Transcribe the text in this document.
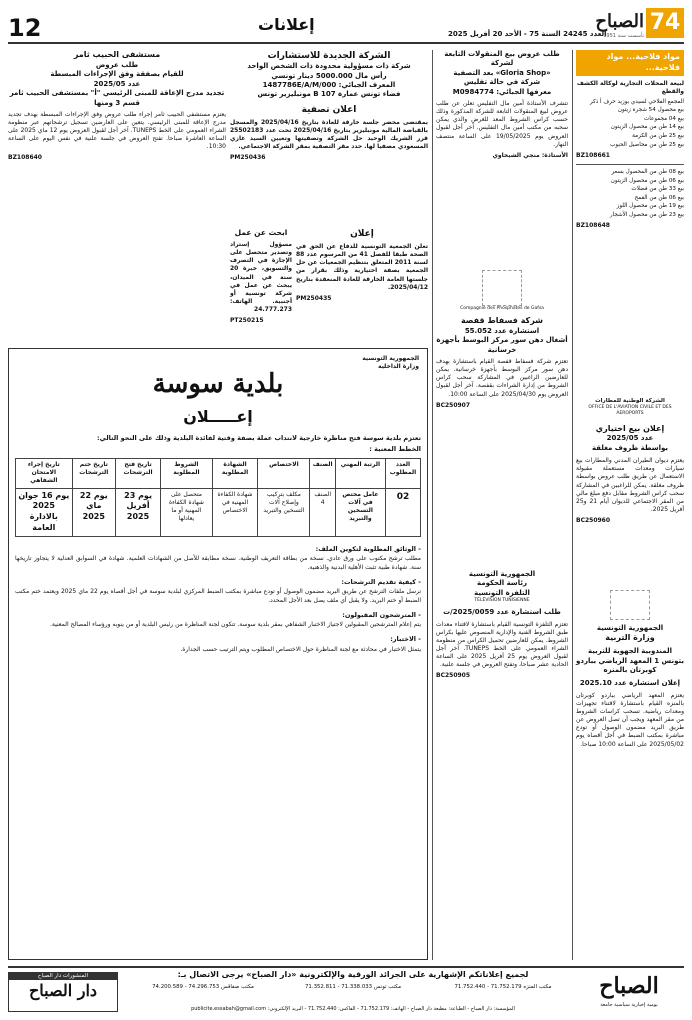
12	إعلانات	العدد 24245 السنة 75 - الأحد 20 أفريل 2025 74
الصباح
تأسست سنة 1951
مواد فلاحية... مواد فلاحية...
لبيعة المحلات التجارية لوكالة الكشف والقطع
المجمع الفلاحي لسيدي بوزيد حرف أ ذكر
بيع محصول 54 شجرة زيتون
بيع 04 مجموعات
بيع 14 طن من محصول الزيتون
بيع 25 طن من الكرمة
بيع 25 طن من محاصيل الحبوب
BZ108661
بيع 08 طن من المحصول بسعر
بيع 06 طن من محصول الزيتون
بيع 33 طن من فضلات
بيع 06 طن من القمح
بيع 19 طن من محصول اللوز
بيع 23 طن من محصول الأشجار
BZ108648
الشركة الوطنية للمطارات
OFFICE DE L'AVIATION CIVILE ET DES AEROPORTS
إعلان بيع اختياري
عدد 2025/05
بواسطة ظروف مغلقة
يعتزم ديوان الطيران المدني والمطارات بيع سيارات ومعدات مستعملة مقبولة الاستعمال عن طريق طلب عروض بواسطة ظروف مغلقة. يمكن للراغبين في المشاركة سحب كراس الشروط مقابل دفع مبلغ مالي من المقر الاجتماعي للديوان أيام 21 و25 أفريل 2025.
BC250960
الجمهورية التونسية
وزارة التربية
المندوبية الجهوية للتربية بتونس 1 المعهد الرياضي بباردو كوبرتان بالمنزه
إعلان استشارة عدد 2025.10
يعتزم المعهد الرياضي بباردو كوبرتان بالمنزه القيام باستشارة لاقتناء تجهيزات ومعدات رياضية. تسحب كراسات الشروط من مقر المعهد ويجب أن تصل العروض عن طريق البريد مضمون الوصول أو تودع مباشرة بمكتب الضبط في أجل أقصاه يوم 2025/05/02 على الساعة 10:00 صباحا.
طلب عروض بيع المنقولات التابعة لشركة
«Gloria Shop» بعد التصفية
شركة في حالة تفليس
معرفها الجبائي: M0984774
تتشرف الأستاذة أمين مال التفليس تعلن عن طلب عروض لبيع المنقولات التابعة للشركة المذكورة وذلك حسب كراس الشروط المعد للغرض والذي يمكن سحبه من مكتب أمين مال التفليس. آخر أجل لقبول العروض يوم 19/05/2025 على الساعة منتصف النهار.
الأستاذة: منجي الشيخاوي
Compagnie des Phosphates de Gafsa
شركة فسفاط قفصة
استشارة عدد 55.052
أشغال دهن سور مركز البوسط بأجهزة خرسانية
تعتزم شركة فسفاط قفصة القيام باستشارة بهدف دهن سور مركز البوسط بأجهزة خرسانية. يمكن للعارضين الراغبين في المشاركة سحب كراس الشروط من إدارة الشراءات بقفصة. آخر أجل لقبول العروض يوم 2025/04/30 على الساعة 10:00.
BC250907
الجمهورية التونسية
رئاسة الحكومة
التلفزة التونسية
TÉLÉVISION TUNISIENNE
طلب استشارة عدد 2025/0059/ت
تعتزم التلفزة التونسية القيام باستشارة لاقتناء معدات طبق الشروط الفنية والإدارية المنصوص عليها بكراس الشروط. يمكن للعارضين تحميل الكراس من منظومة الشراء العمومي على الخط TUNEPS. آخر أجل لقبول العروض يوم 25 أفريل 2025 على الساعة الحادية عشر صباحا، وتفتح العروض في جلسة علنية.
BC250905
الشركة الجديدة للاستشارات
شركة ذات مسؤولية محدودة ذات الشخص الواحد
رأس مال 5000.000 دينار تونسي
المعرف الجبائي: 1487786E/A/M/000
فضاء تونس عمارة B 107 مونبليزير تونس
اعلان تصفية
بمقتضى محضر جلسة خارقة للعادة بتاريخ 2025/04/16 والمسجل بالقباضة المالية مونبليزير بتاريخ 2025/04/16 تحت عدد 25502183 قرر الشريك الوحيد حل الشركة وتصفيتها وتعيين السيد غازي المسعودي مصفيا لها. حدد مقر التصفية بمقر الشركة الاجتماعي.
PM250436
إعلان
تعلن الجمعية التونسية للدفاع عن الحق في الصحة طبقا للفصل 41 من المرسوم عدد 88 لسنة 2011 المتعلق بتنظيم الجمعيات عن حل الجمعية بصفة اختيارية وذلك بقرار من جلستها العامة الخارقة للعادة المنعقدة بتاريخ 2025/04/12.
PM250435
ابحث عن عمل
مسؤول إستراد وتصدير متحصل على الإجازة في التصرف والتسويق، خبرة 20 سنة في الميدان، يبحث عن عمل في شركة تونسية أو أجنبية. الهاتف: 24.777.273
PT250215
مستشفى الحبيب ثامر
طلب عروض
للقيام بصفقة وفق الإجراءات المبسطة
عدد 2025/05
تجديد مدرج الإعاقة للمبنى الرئيسي "أ" بمستشفى الحبيب ثامر قسم 3 ومنها
يعتزم مستشفى الحبيب ثامر إجراء طلب عروض وفق الإجراءات المبسطة بهدف تجديد مدرج الإعاقة للمبنى الرئيسي. يتعين على العارضين تسجيل ترشحاتهم عبر منظومة الشراء العمومي على الخط TUNEPS. آخر أجل لقبول العروض يوم 12 ماي 2025 على الساعة العاشرة صباحا. تفتح العروض في جلسة علنية في نفس اليوم على الساعة 10:30.
BZ108640
الجمهورية التونسية
وزارة الداخلية
بلدية سوسة
إعـــــلان
تعتزم بلدية سوسة فتح مناظرة خارجية لانتداب عملة بصفة وقتية لفائدة البلدية وذلك على النحو التالي:
الخطط المعنية :
العدد المطلوب	الرتبة المهني	الصنف	الاختصاص	الشهادة المطلوبة	الشروط المطلوبة	تاريخ فتح الترشحات	تاريخ ختم الترشحات	تاريخ إجراء الامتحان الشفاهي
02	عامل مختص في آلات التسخين والتبريد	الصنف 4	مكلف بتركيب وإصلاح آلات التسخين والتبريد	شهادة الكفاءة المهنية في الاختصاص	متحصل على شهادة الكفاءة المهنية أو ما يعادلها	يوم 23 أفريل 2025	يوم 22 ماي 2025	يوم 16 جوان 2025 بالادارة العامة
- الوثائق المطلوبة لتكوين الملف:
مطلب ترشح مكتوب على ورق عادي. نسخة من بطاقة التعريف الوطنية. نسخة مطابقة للأصل من الشهادات العلمية. شهادة في السوابق العدلية لا يتجاوز تاريخها سنة. شهادة طبية تثبت الأهلية البدنية والذهنية.
- كيفية تقديم الترشحات:
ترسل ملفات الترشح عن طريق البريد مضمون الوصول أو تودع مباشرة بمكتب الضبط المركزي لبلدية سوسة في أجل أقصاه يوم 22 ماي 2025 ويعتمد ختم مكتب الضبط أو ختم البريد. ولا يقبل أي ملف يصل بعد الأجل المحدد.
- المترشحون المقبولون:
يتم إعلام المترشحين المقبولين لاجتياز الاختبار الشفاهي بمقر بلدية سوسة. تتكون لجنة المناظرة من رئيس البلدية أو من ينوبه ورؤساء المصالح المعنية.
- الاختبار:
يتمثل الاختبار في محادثة مع لجنة المناظرة حول الاختصاص المطلوب ويتم الترتيب حسب الجدارة.
الصباح
يومية إخبارية سياسية جامعة
لجميع إعلاناتكم الإشهارية على الجرائد الورقية والإلكترونية «دار الصباح» يرجى الاتصال بـ:
مكتب المنزه 71.752.179 - 71.752.440
مكتب تونس 71.338.033 - 71.352.811
مكتب صفاقس 74.296.753 - 74.200.589
المؤسسة: دار الصباح - الطباعة: مطبعة دار الصباح - الهاتف: 71.752.179 - الفاكس: 71.752.440 - البريد الإلكتروني: publicite.essabah@gmail.com
المنشورات دار الصباح
دار الصباح
